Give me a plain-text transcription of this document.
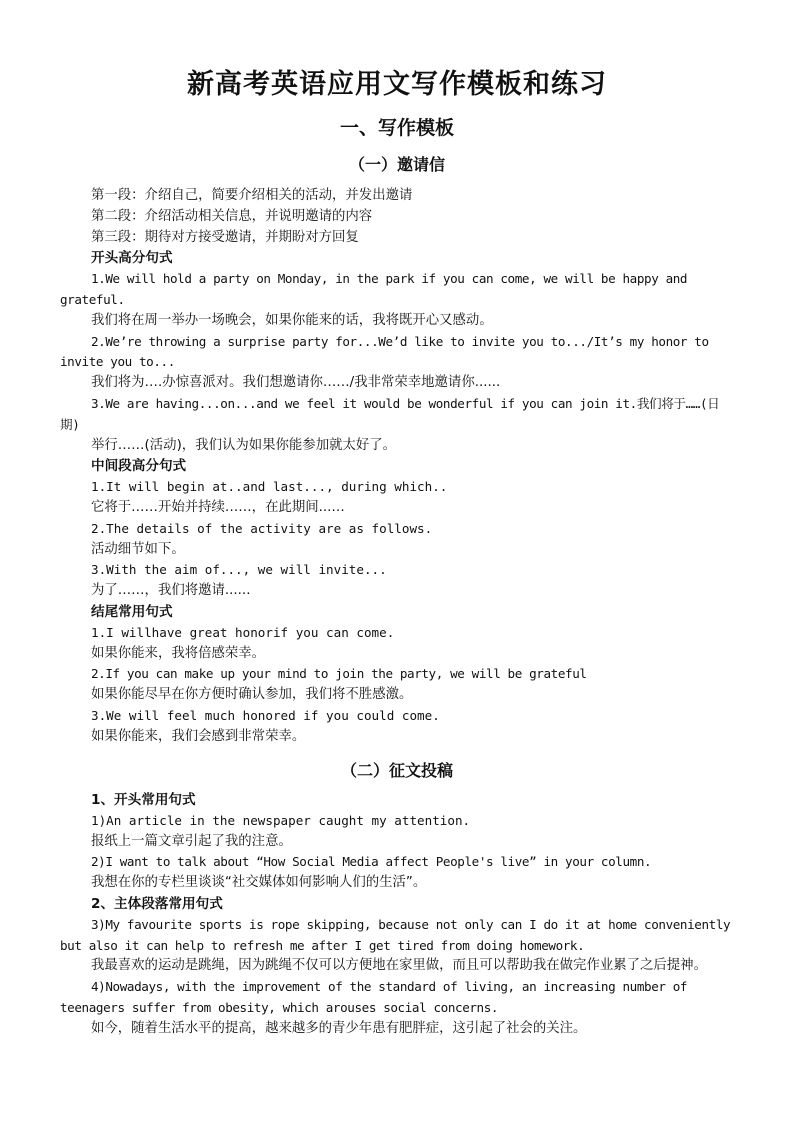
新高考英语应用文写作模板和练习
一、写作模板
（一）邀请信
第一段：介绍自己，简要介绍相关的活动，并发出邀请
第二段：介绍活动相关信息，并说明邀请的内容
第三段：期待对方接受邀请，并期盼对方回复
开头高分句式
1.We will hold a party on Monday, in the park if you can come, we will be happy and grateful.
我们将在周一举办一场晚会，如果你能来的话，我将既开心又感动。
2.We’re throwing a surprise party for...We’d like to invite you to.../It’s my honor to invite you to...
我们将为….办惊喜派对。我们想邀请你……/我非常荣幸地邀请你......
3.We are having...on...and we feel it would be wonderful if you can join it.我们将于……(日期)
举行……(活动)，我们认为如果你能参加就太好了。
中间段高分句式
1.It will begin at..and last..., during which..
它将于……开始并持续……，在此期间...…
2.The details of the activity are as follows.
活动细节如下。
3.With the aim of..., we will invite...
为了……，我们将邀请......
结尾常用句式
1.I willhave great honorif you can come.
如果你能来，我将倍感荣幸。
2.If you can make up your mind to join the party, we will be grateful
如果你能尽早在你方便时确认参加，我们将不胜感激。
3.We will feel much honored if you could come.
如果你能来，我们会感到非常荣幸。
（二）征文投稿
1、开头常用句式
1)An article in the newspaper caught my attention.
报纸上一篇文章引起了我的注意。
2)I want to talk about “How Social Media affect People's live” in your column.
我想在你的专栏里谈谈“社交媒体如何影响人们的生活”。
2、主体段落常用句式
3)My favourite sports is rope skipping, because not only can I do it at home conveniently but also it can help to refresh me after I get tired from doing homework.
我最喜欢的运动是跳绳，因为跳绳不仅可以方便地在家里做，而且可以帮助我在做完作业累了之后提神。
4)Nowadays, with the improvement of the standard of living, an increasing number of teenagers suffer from obesity, which arouses social concerns.
如今，随着生活水平的提高，越来越多的青少年患有肥胖症，这引起了社会的关注。
